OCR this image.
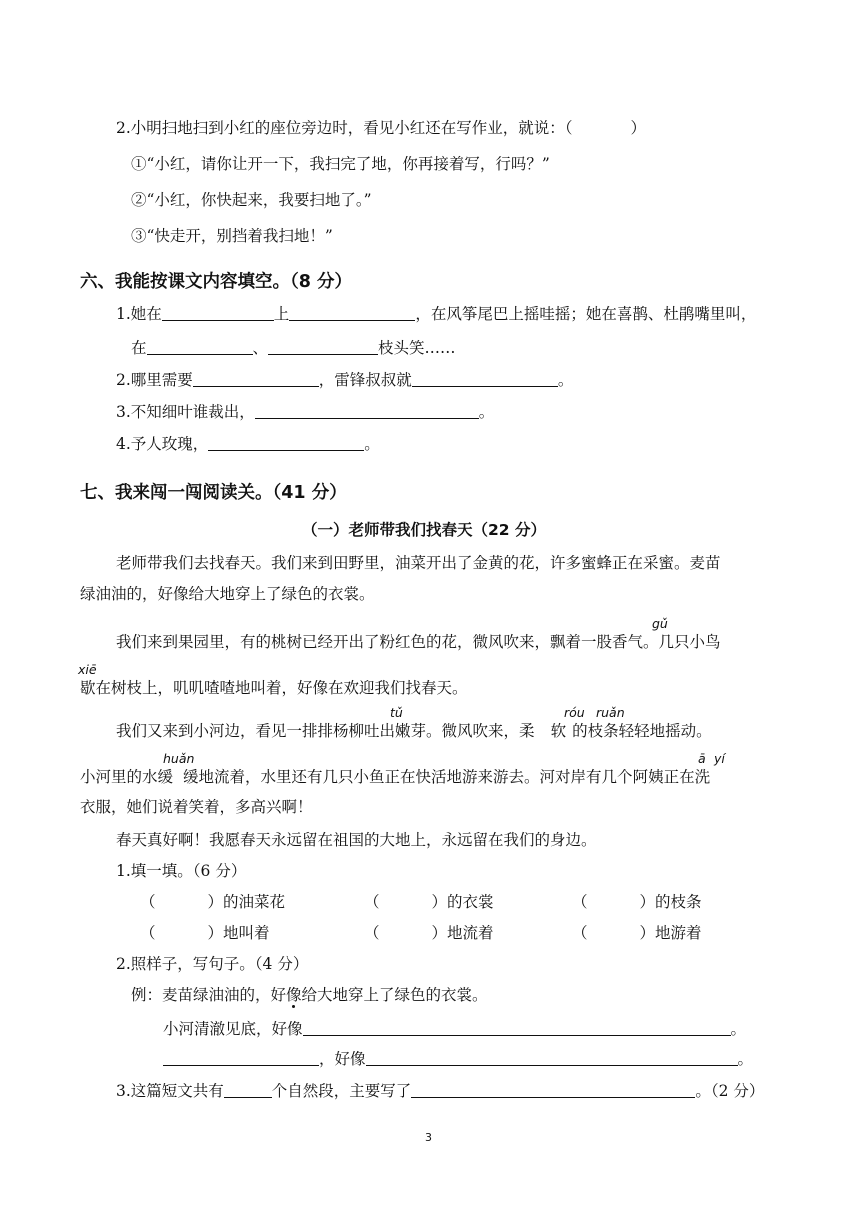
2.小明扫地扫到小红的座位旁边时，看见小红还在写作业，就说：（	）
①“小红，请你让开一下，我扫完了地，你再接着写，行吗？”
②“小红，你快起来，我要扫地了。”
③“快走开，别挡着我扫地！”
六、我能按课文内容填空。（8 分）
1.她在	上	，在风筝尾巴上摇哇摇；她在喜鹊、杜鹃嘴里叫，
在	、	枝头笑……
2.哪里需要	，雷锋叔叔就	。
3.不知细叶谁裁出，	。
4.予人玫瑰，	。
七、我来闯一闯阅读关。（41 分）
（一）老师带我们找春天（22 分）
老师带我们去找春天。我们来到田野里，油菜开出了金黄的花，许多蜜蜂正在采蜜。麦苗
绿油油的，好像给大地穿上了绿色的衣裳。
gǔ
我们来到果园里，有的桃树已经开出了粉红色的花，微风吹来，飘着一股香气。几只小鸟
xiē
歇在树枝上，叽叽喳喳地叫着，好像在欢迎我们找春天。
tǔ	róu ruǎn
我们又来到小河边，看见一排排杨柳吐出嫩芽。微风吹来，柔 软 的枝条轻轻地摇动。
huǎn	ā yí
小河里的水缓 缓地流着，水里还有几只小鱼正在快活地游来游去。河对岸有几个阿姨正在洗
衣服，她们说着笑着，多高兴啊！
春天真好啊！我愿春天永远留在祖国的大地上，永远留在我们的身边。
1.填一填。（6 分）
（	）的油菜花	（	）的衣裳	（	）的枝条
（	）地叫着	（	）地流着	（	）地游着
2.照样子，写句子。（4 分）
例：麦苗绿油油的，好像给大地穿上了绿色的衣裳。
小河清澈见底，好像	。
，好像	。
3.这篇短文共有	个自然段，主要写了	。（2 分）
3
